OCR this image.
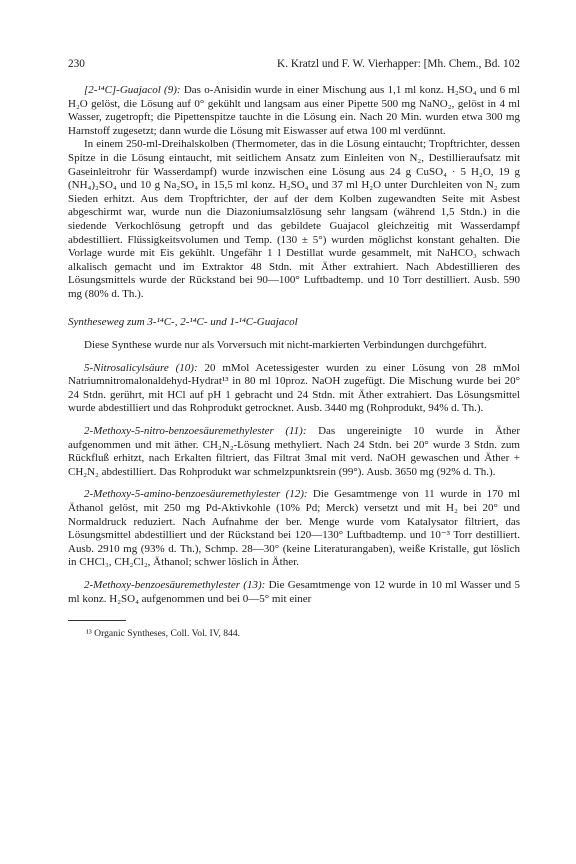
230	K. Kratzl und F. W. Vierhapper: [Mh. Chem., Bd. 102

[2-¹⁴C]-Guajacol (9): Das o-Anisidin wurde in einer Mischung aus 1,1 ml konz. H₂SO₄ und 6 ml H₂O gelöst, die Lösung auf 0° gekühlt und langsam aus einer Pipette 500 mg NaNO₂, gelöst in 4 ml Wasser, zugetropft; die Pipettenspitze tauchte in die Lösung ein. Nach 20 Min. wurden etwa 300 mg Harnstoff zugesetzt; dann wurde die Lösung mit Eiswasser auf etwa 100 ml verdünnt.

In einem 250-ml-Dreihalskolben (Thermometer, das in die Lösung eintaucht; Tropftrichter, dessen Spitze in die Lösung eintaucht, mit seitlichem Ansatz zum Einleiten von N₂, Destillieraufsatz mit Gaseinleitrohr für Wasserdampf) wurde inzwischen eine Lösung aus 24 g CuSO₄ · 5 H₂O, 19 g (NH₄)₂SO₄ und 10 g Na₂SO₄ in 15,5 ml konz. H₂SO₄ und 37 ml H₂O unter Durchleiten von N₂ zum Sieden erhitzt. Aus dem Tropftrichter, der auf der dem Kolben zugewandten Seite mit Asbest abgeschirmt war, wurde nun die Diazoniumsalzlösung sehr langsam (während 1,5 Stdn.) in die siedende Verkochlösung getropft und das gebildete Guajacol gleichzeitig mit Wasserdampf abdestilliert. Flüssigkeitsvolumen und Temp. (130 ± 5°) wurden möglichst konstant gehalten. Die Vorlage wurde mit Eis gekühlt. Ungefähr 1 l Destillat wurde gesammelt, mit NaHCO₃ schwach alkalisch gemacht und im Extraktor 48 Stdn. mit Äther extrahiert. Nach Abdestillieren des Lösungsmittels wurde der Rückstand bei 90—100° Luftbadtemp. und 10 Torr destilliert. Ausb. 590 mg (80% d. Th.).

Syntheseweg zum 3-¹⁴C-, 2-¹⁴C- und 1-¹⁴C-Guajacol

Diese Synthese wurde nur als Vorversuch mit nicht-markierten Verbindungen durchgeführt.

5-Nitrosalicylsäure (10): 20 mMol Acetessigester wurden zu einer Lösung von 28 mMol Natriumnitromalonaldehyd-Hydrat¹³ in 80 ml 10proz. NaOH zugefügt. Die Mischung wurde bei 20° 24 Stdn. gerührt, mit HCl auf pH 1 gebracht und 24 Stdn. mit Äther extrahiert. Das Lösungsmittel wurde abdestilliert und das Rohprodukt getrocknet. Ausb. 3440 mg (Rohprodukt, 94% d. Th.).

2-Methoxy-5-nitro-benzoesäuremethylester (11): Das ungereinigte 10 wurde in Äther aufgenommen und mit äther. CH₂N₂-Lösung methyliert. Nach 24 Stdn. bei 20° wurde 3 Stdn. zum Rückfluß erhitzt, nach Erkalten filtriert, das Filtrat 3mal mit verd. NaOH gewaschen und Äther + CH₂N₂ abdestilliert. Das Rohprodukt war schmelzpunktsrein (99°). Ausb. 3650 mg (92% d. Th.).

2-Methoxy-5-amino-benzoesäuremethylester (12): Die Gesamtmenge von 11 wurde in 170 ml Äthanol gelöst, mit 250 mg Pd-Aktivkohle (10% Pd; Merck) versetzt und mit H₂ bei 20° und Normaldruck reduziert. Nach Aufnahme der ber. Menge wurde vom Katalysator filtriert, das Lösungsmittel abdestilliert und der Rückstand bei 120—130° Luftbadtemp. und 10⁻³ Torr destilliert. Ausb. 2910 mg (93% d. Th.), Schmp. 28—30° (keine Literaturangaben), weiße Kristalle, gut löslich in CHCl₃, CH₂Cl₂, Äthanol; schwer löslich in Äther.

2-Methoxy-benzoesäuremethylester (13): Die Gesamtmenge von 12 wurde in 10 ml Wasser und 5 ml konz. H₂SO₄ aufgenommen und bei 0—5° mit einer

¹³ Organic Syntheses, Coll. Vol. IV, 844.
